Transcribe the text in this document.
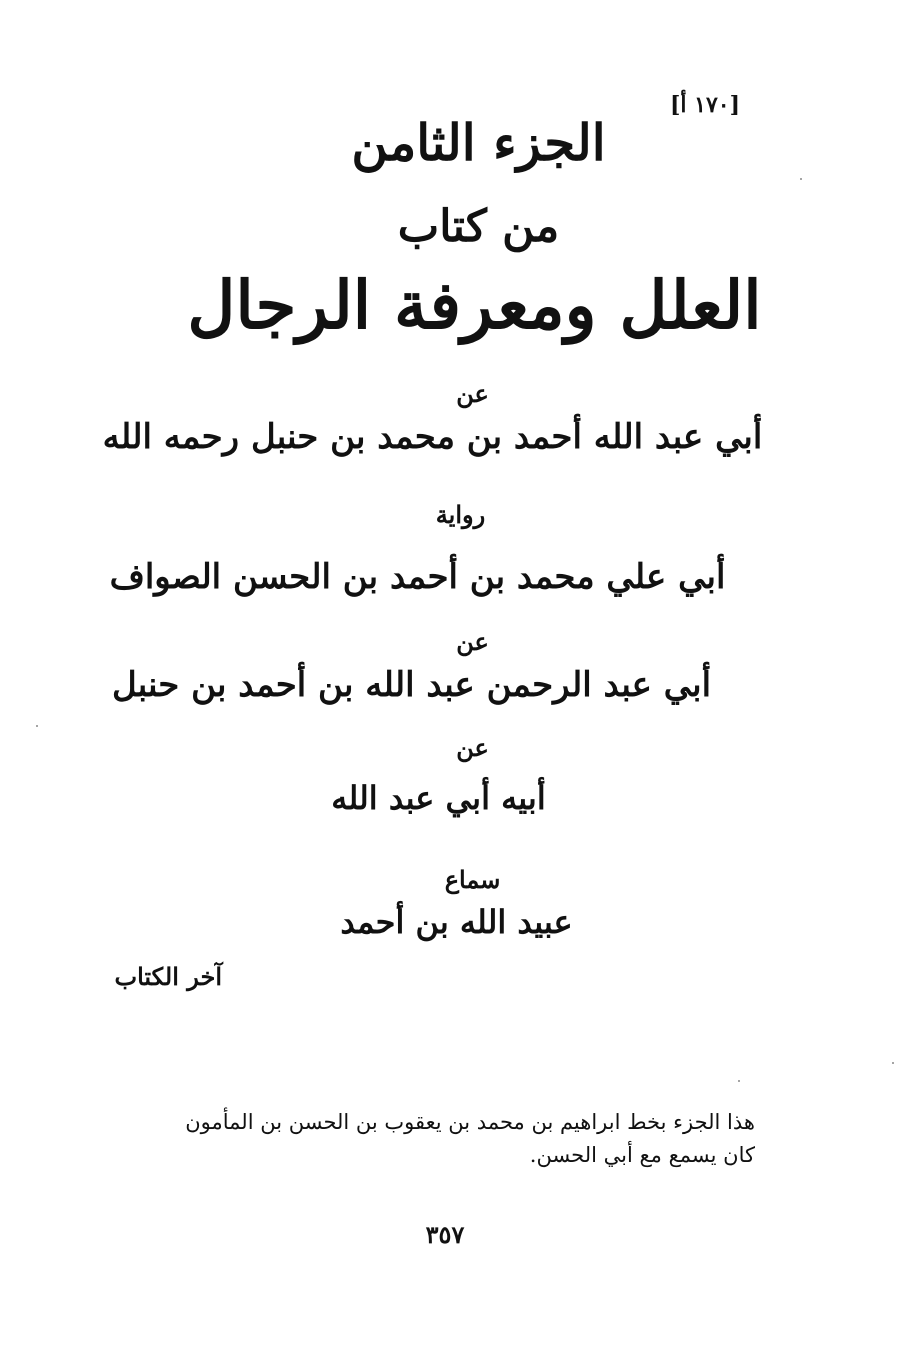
[١٧٠ أ]
الجزء الثامن
من كتاب
العلل ومعرفة الرجال
عن
أبي عبد الله أحمد بن محمد بن حنبل رحمه الله
رواية
أبي علي محمد بن أحمد بن الحسن الصواف
عن
أبي عبد الرحمن عبد الله بن أحمد بن حنبل
عن
أبيه أبي عبد الله
سماع
عبيد الله بن أحمد
آخر الكتاب
هذا الجزء بخط ابراهيم بن محمد بن يعقوب بن الحسن بن المأمون
كان يسمع مع أبي الحسن.
٣٥٧
